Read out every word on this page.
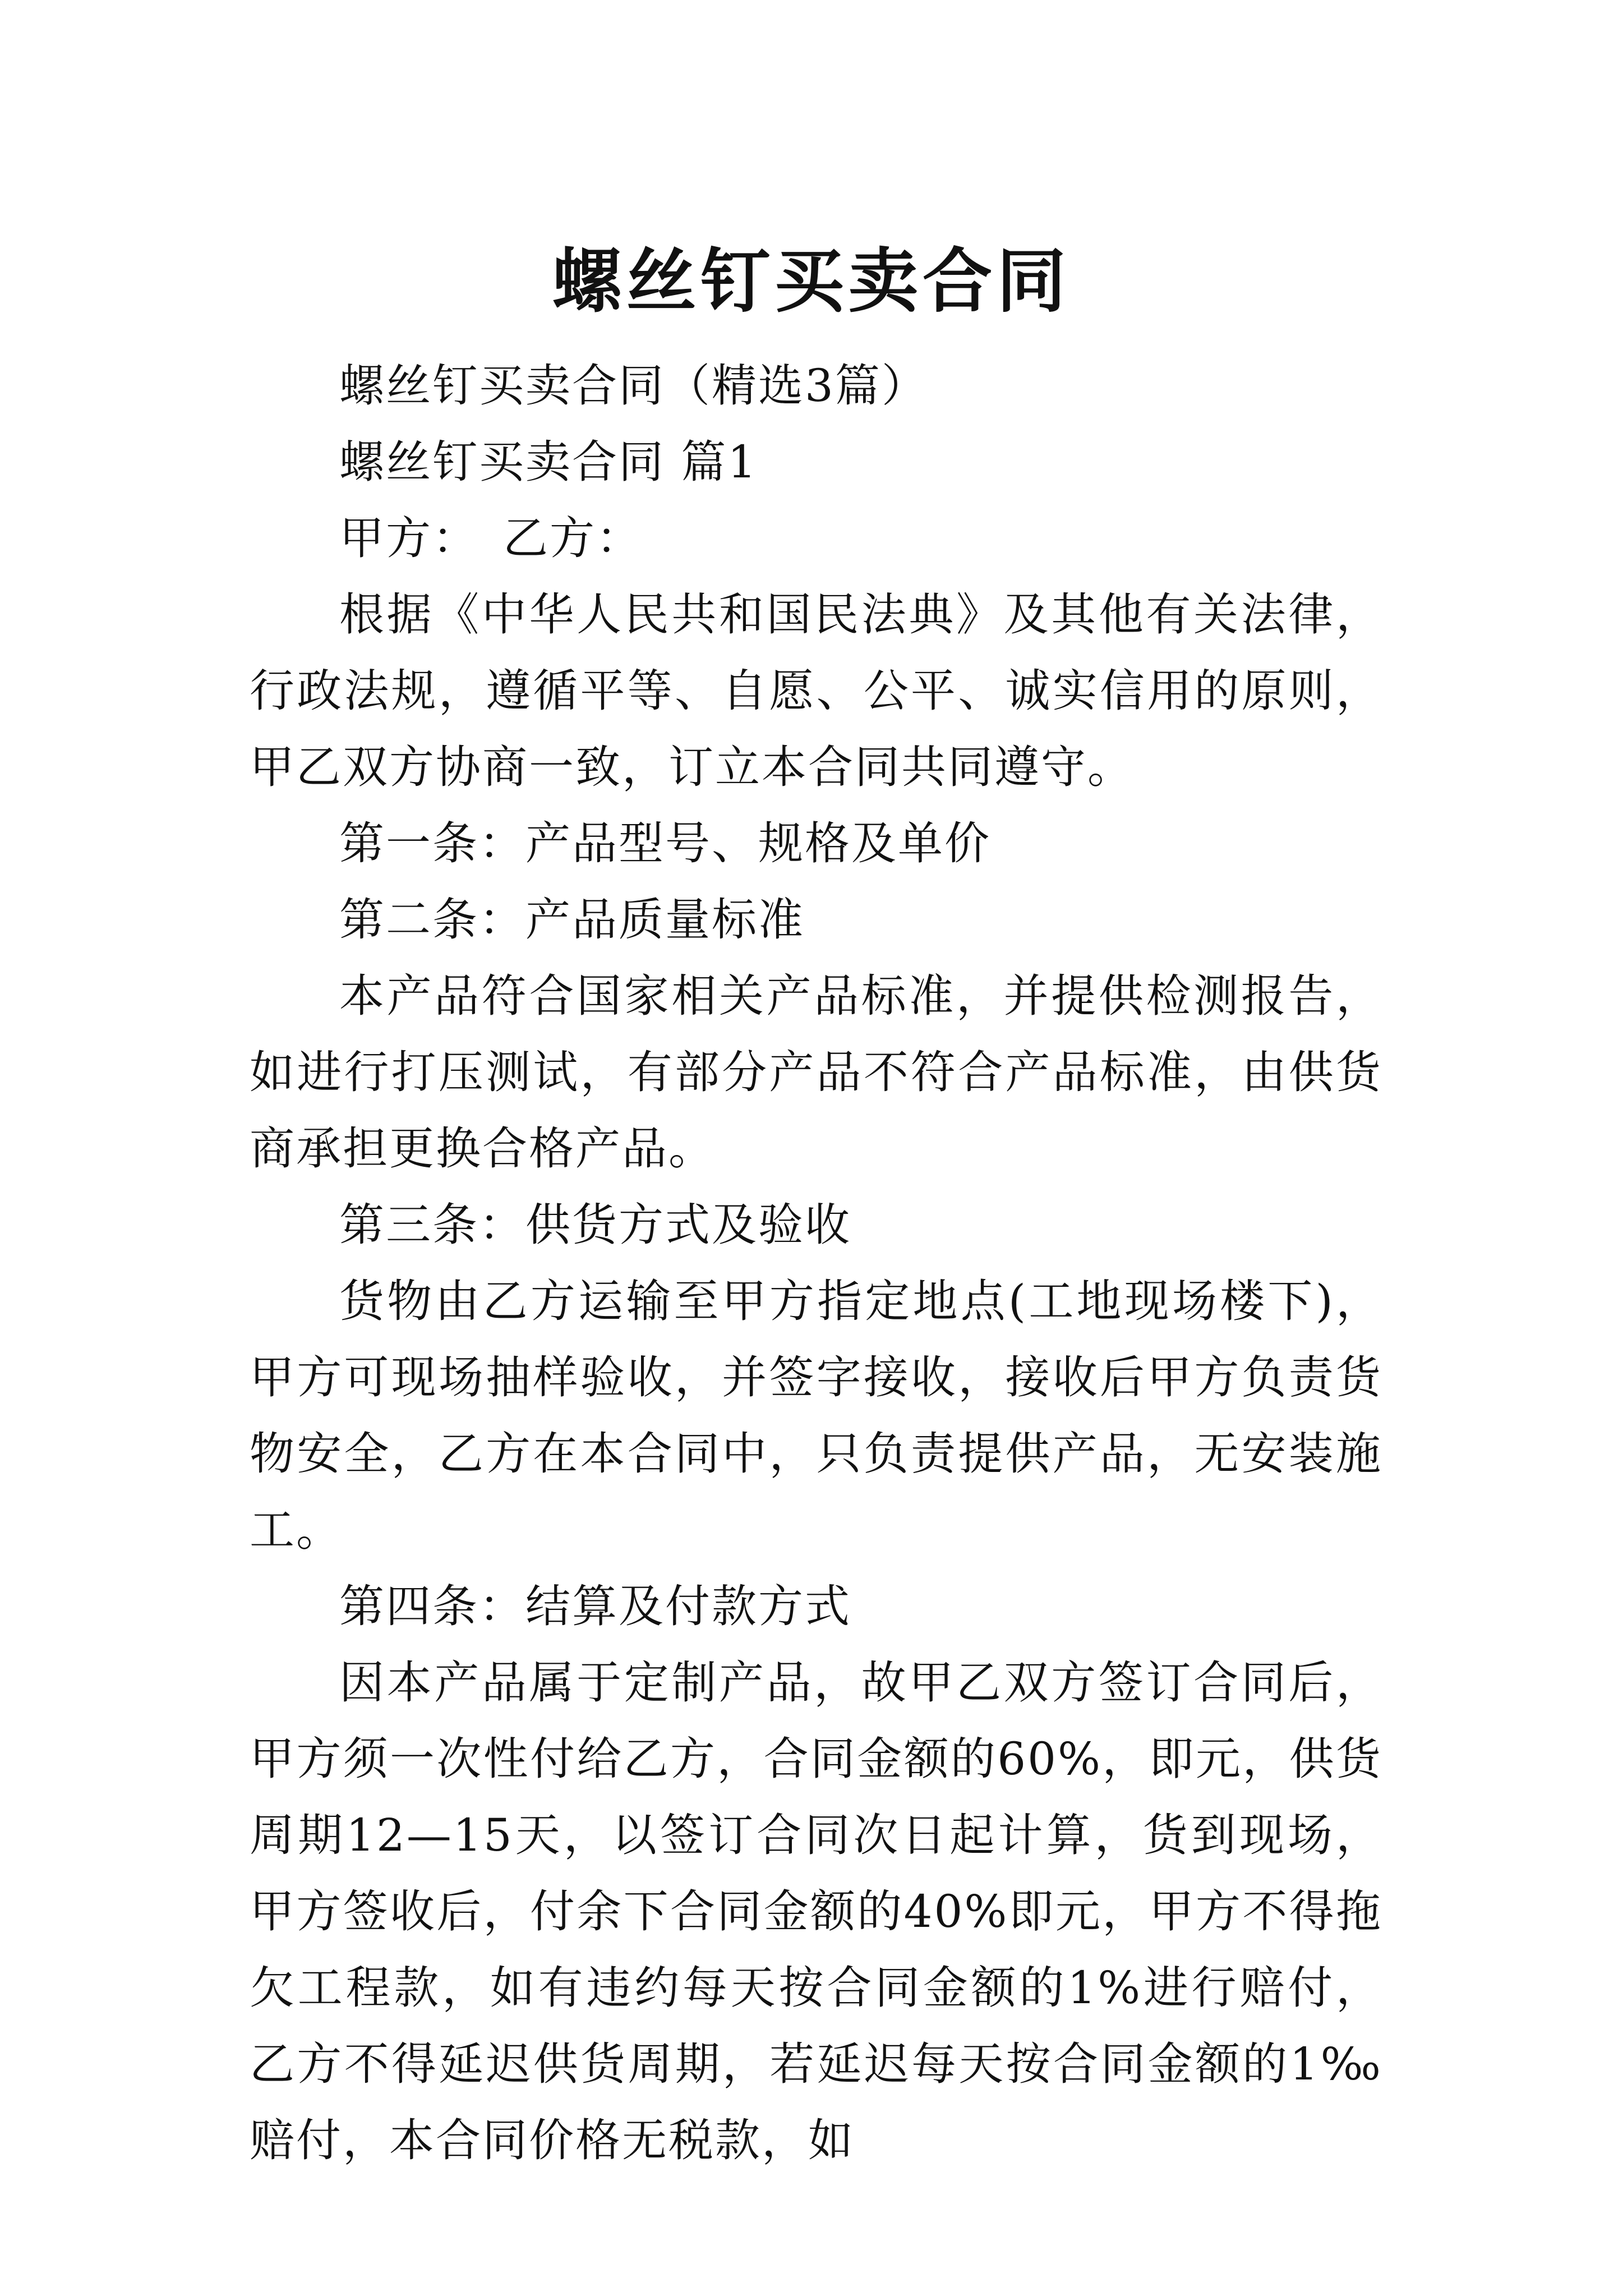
螺丝钉买卖合同

螺丝钉买卖合同（精选3篇）

螺丝钉买卖合同 篇1

甲方：　乙方：

根据《中华人民共和国民法典》及其他有关法律，行政法规，遵循平等、自愿、公平、诚实信用的原则，甲乙双方协商一致，订立本合同共同遵守。

第一条：产品型号、规格及单价

第二条：产品质量标准

本产品符合国家相关产品标准，并提供检测报告，如进行打压测试，有部分产品不符合产品标准，由供货商承担更换合格产品。

第三条：供货方式及验收

货物由乙方运输至甲方指定地点(工地现场楼下)，甲方可现场抽样验收，并签字接收，接收后甲方负责货物安全，乙方在本合同中，只负责提供产品，无安装施工。

第四条：结算及付款方式

因本产品属于定制产品，故甲乙双方签订合同后，甲方须一次性付给乙方，合同金额的60%，即元，供货周期12—15天，以签订合同次日起计算，货到现场，甲方签收后，付余下合同金额的40%即元，甲方不得拖欠工程款，如有违约每天按合同金额的1%进行赔付，乙方不得延迟供货周期，若延迟每天按合同金额的1‰赔付，本合同价格无税款，如
